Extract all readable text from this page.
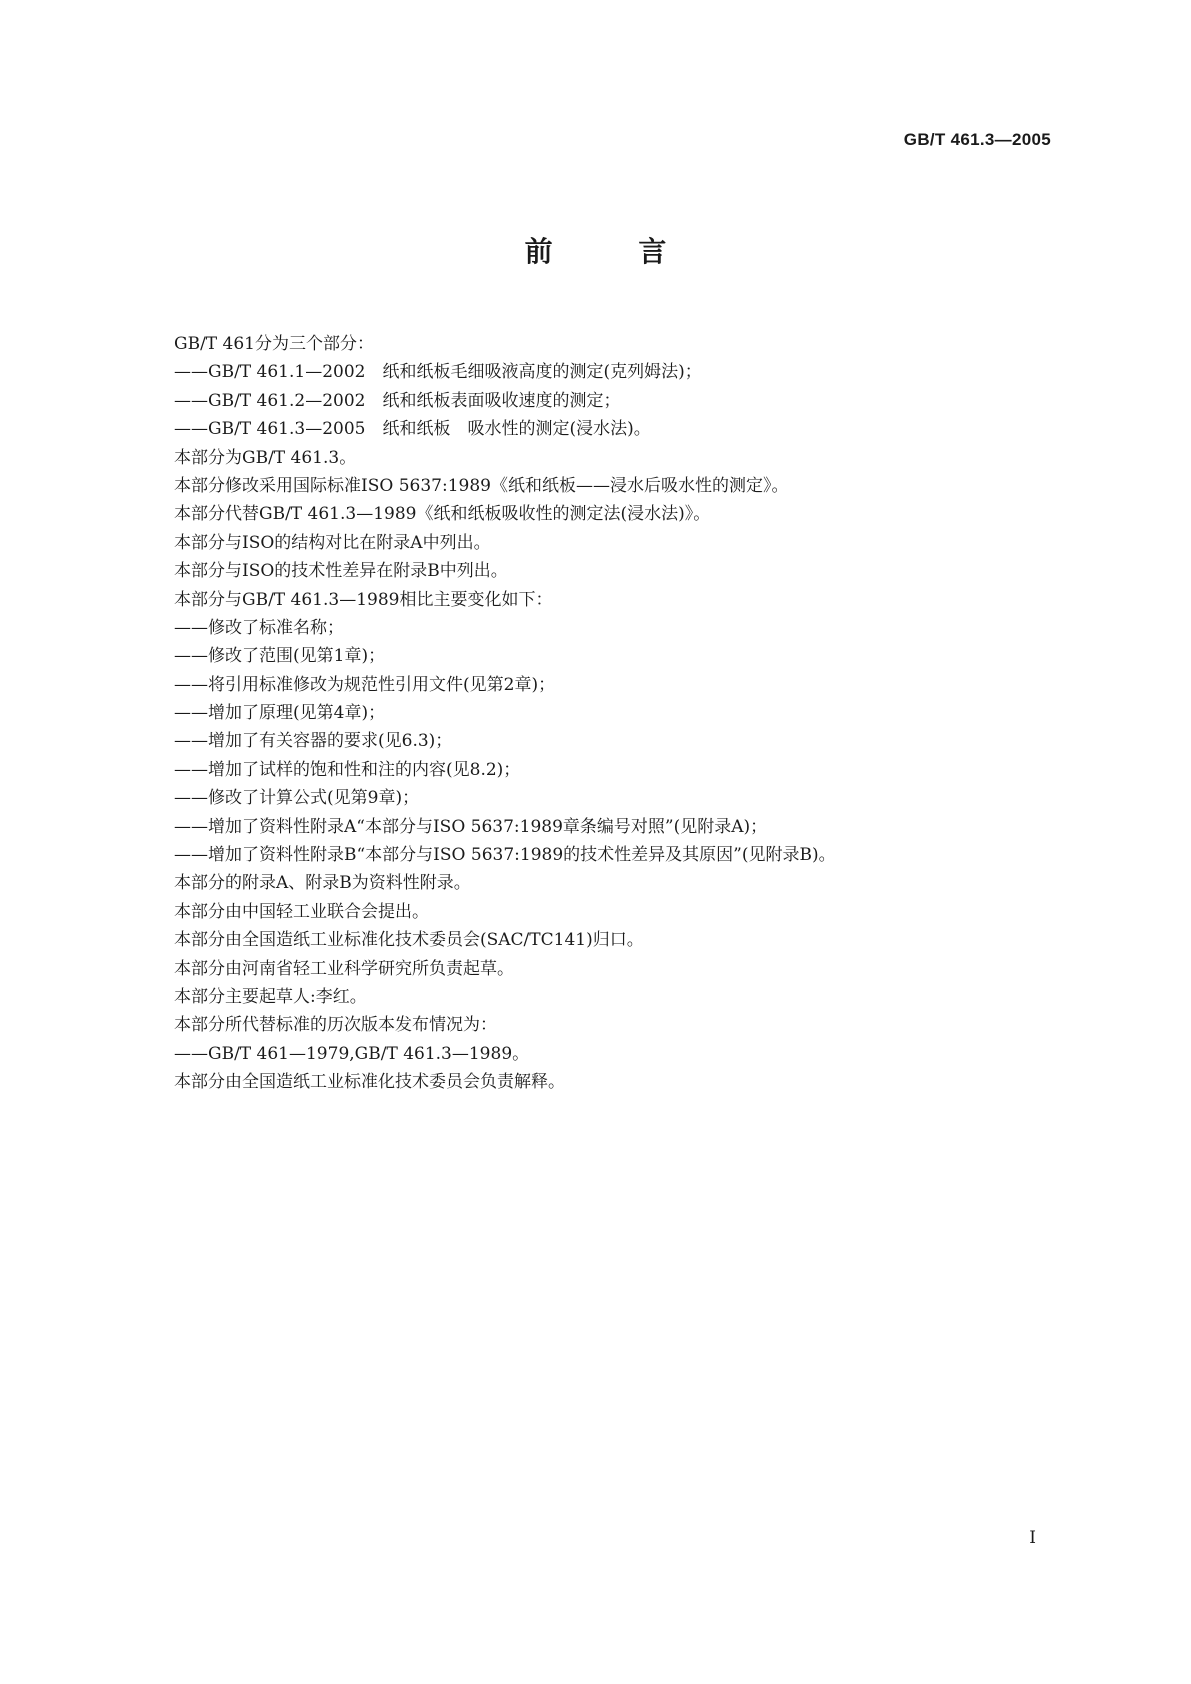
GB/T 461.3—2005
前 言
GB/T 461分为三个部分：
——GB/T 461.1—2002　纸和纸板毛细吸液高度的测定(克列姆法)；
——GB/T 461.2—2002　纸和纸板表面吸收速度的测定；
——GB/T 461.3—2005　纸和纸板　吸水性的测定(浸水法)。
本部分为GB/T 461.3。
本部分修改采用国际标准ISO 5637:1989《纸和纸板——浸水后吸水性的测定》。
本部分代替GB/T 461.3—1989《纸和纸板吸收性的测定法(浸水法)》。
本部分与ISO的结构对比在附录A中列出。
本部分与ISO的技术性差异在附录B中列出。
本部分与GB/T 461.3—1989相比主要变化如下：
——修改了标准名称；
——修改了范围(见第1章)；
——将引用标准修改为规范性引用文件(见第2章)；
——增加了原理(见第4章)；
——增加了有关容器的要求(见6.3)；
——增加了试样的饱和性和注的内容(见8.2)；
——修改了计算公式(见第9章)；
——增加了资料性附录A“本部分与ISO 5637:1989章条编号对照”(见附录A)；
——增加了资料性附录B“本部分与ISO 5637:1989的技术性差异及其原因”(见附录B)。
本部分的附录A、附录B为资料性附录。
本部分由中国轻工业联合会提出。
本部分由全国造纸工业标准化技术委员会(SAC/TC141)归口。
本部分由河南省轻工业科学研究所负责起草。
本部分主要起草人:李红。
本部分所代替标准的历次版本发布情况为：
——GB/T 461—1979,GB/T 461.3—1989。
本部分由全国造纸工业标准化技术委员会负责解释。
I
